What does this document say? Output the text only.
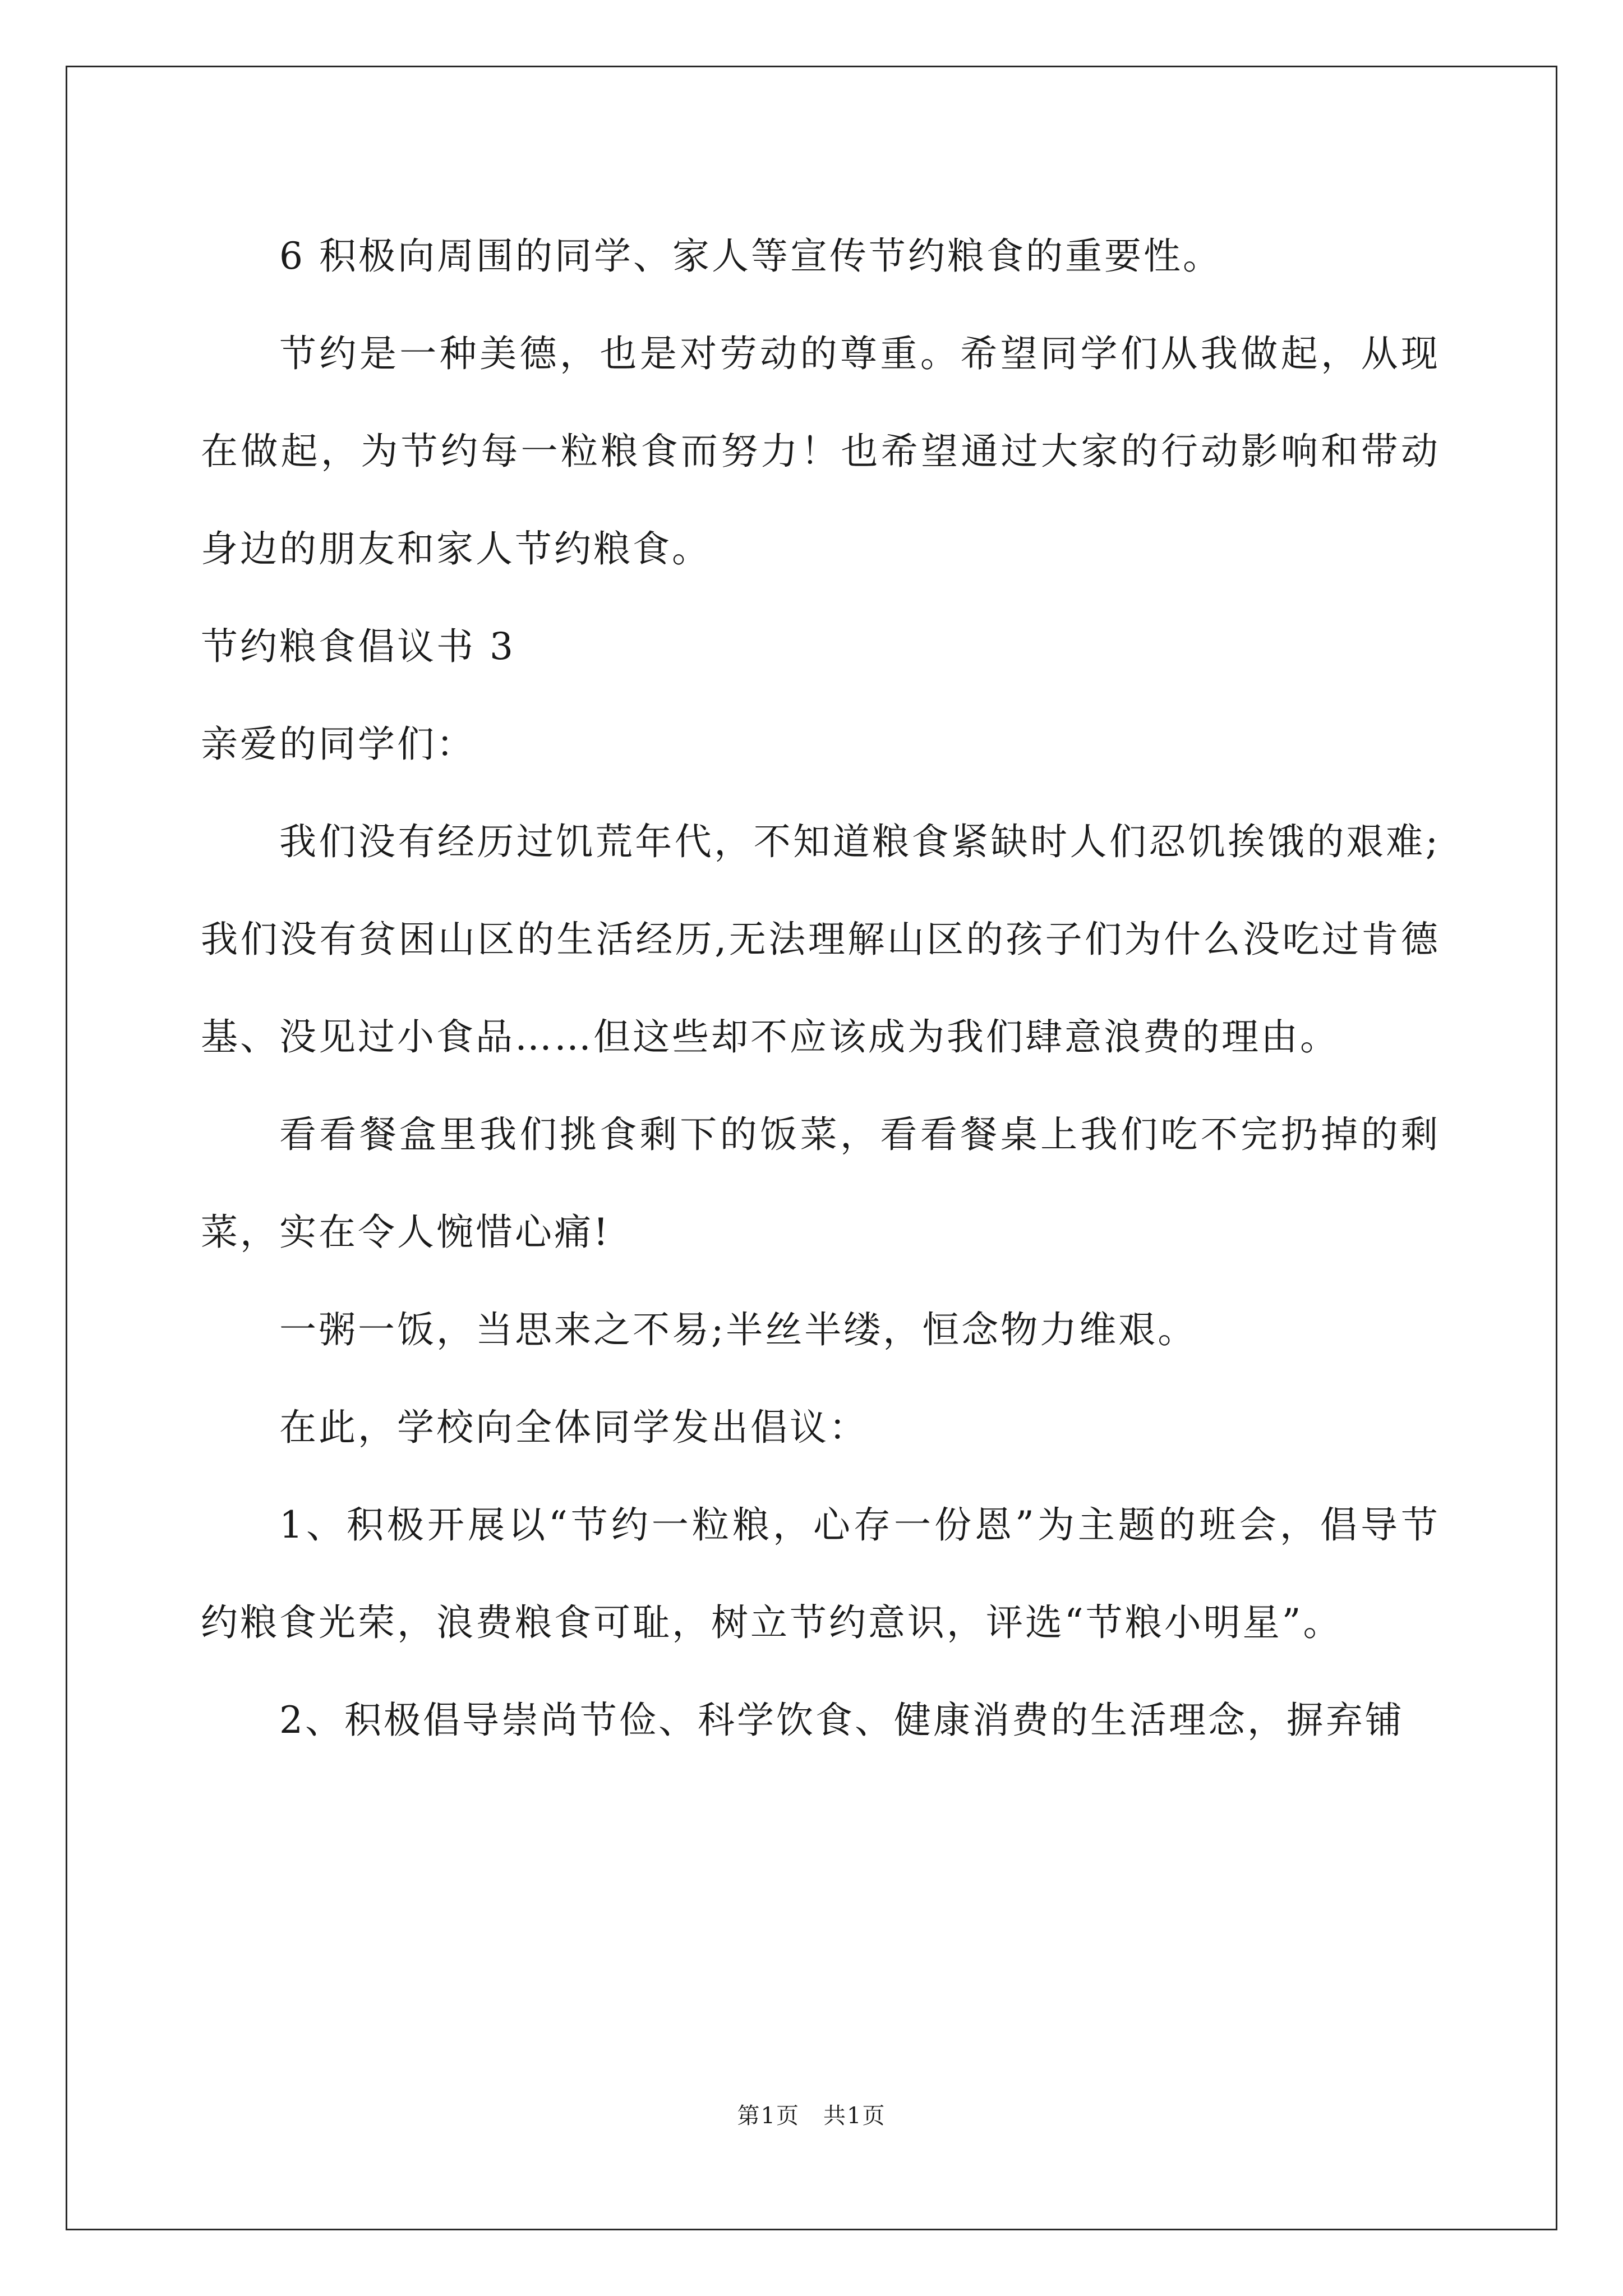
6 积极向周围的同学、家人等宣传节约粮食的重要性。

节约是一种美德，也是对劳动的尊重。希望同学们从我做起，从现在做起，为节约每一粒粮食而努力！也希望通过大家的行动影响和带动身边的朋友和家人节约粮食。

节约粮食倡议书 3

亲爱的同学们：

我们没有经历过饥荒年代，不知道粮食紧缺时人们忍饥挨饿的艰难;我们没有贫困山区的生活经历,无法理解山区的孩子们为什么没吃过肯德基、没见过小食品……但这些却不应该成为我们肆意浪费的理由。

看看餐盒里我们挑食剩下的饭菜，看看餐桌上我们吃不完扔掉的剩菜，实在令人惋惜心痛!

一粥一饭，当思来之不易;半丝半缕，恒念物力维艰。

在此，学校向全体同学发出倡议：

1、积极开展以“节约一粒粮，心存一份恩”为主题的班会，倡导节约粮食光荣，浪费粮食可耻，树立节约意识，评选“节粮小明星”。

2、积极倡导崇尚节俭、科学饮食、健康消费的生活理念，摒弃铺

第1页　共1页
